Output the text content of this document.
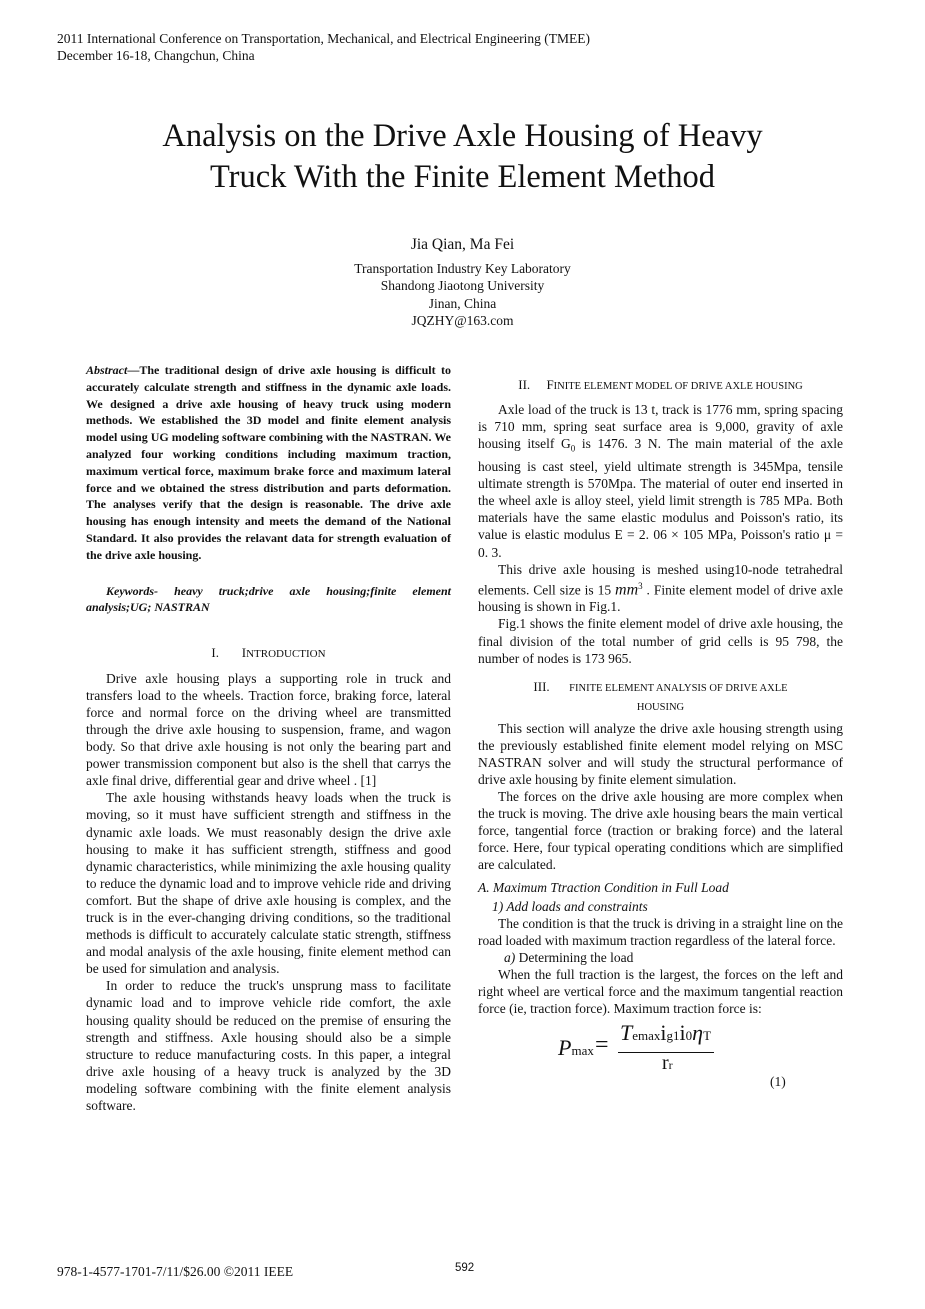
2011 International Conference on Transportation, Mechanical, and Electrical Engineering (TMEE)
December 16-18, Changchun, China
Analysis on the Drive Axle Housing of Heavy
Truck With the Finite Element Method
Jia Qian, Ma Fei
Transportation Industry Key Laboratory
Shandong Jiaotong University
Jinan, China
JQZHY@163.com

Abstract—The traditional design of drive axle housing is difficult to accurately calculate strength and stiffness in the dynamic axle loads. We designed a drive axle housing of heavy truck using modern methods. We established the 3D model and finite element analysis model using UG modeling software combining with the NASTRAN. We analyzed four working conditions including maximum traction, maximum vertical force, maximum brake force and maximum lateral force and we obtained the stress distribution and parts deformation. The analyses verify that the design is reasonable. The drive axle housing has enough intensity and meets the demand of the National Standard. It also provides the relavant data for strength evaluation of the drive axle housing.

Keywords- heavy truck;drive axle housing;finite element analysis;UG; NASTRAN

I. INTRODUCTION

Drive axle housing plays a supporting role in truck and transfers load to the wheels. Traction force, braking force, lateral force and normal force on the driving wheel are transmitted through the drive axle housing to suspension, frame, and wagon body. So that drive axle housing is not only the bearing part and power transmission component but also is the shell that carrys the axle final drive, differential gear and drive wheel . [1]

The axle housing withstands heavy loads when the truck is moving, so it must have sufficient strength and stiffness in the dynamic axle loads. We must reasonably design the drive axle housing to make it has sufficient strength, stiffness and good dynamic characteristics, while minimizing the axle housing quality to reduce the dynamic load and to improve vehicle ride and driving comfort. But the shape of drive axle housing is complex, and the truck is in the ever-changing driving conditions, so the traditional methods is difficult to accurately calculate static strength, stiffness and modal analysis of the axle housing, finite element method can be used for simulation and analysis.

In order to reduce the truck's unsprung mass to facilitate dynamic load and to improve vehicle ride comfort, the axle housing quality should be reduced on the premise of ensuring the strength and stiffness. Axle housing should also be a simple structure to reduce manufacturing costs. In this paper, a integral drive axle housing of a heavy truck is analyzed by the 3D modeling software combining with the finite element analysis software.

II. FINITE ELEMENT MODEL OF DRIVE AXLE HOUSING

Axle load of the truck is 13 t, track is 1776 mm, spring spacing is 710 mm, spring seat surface area is 9,000, gravity of axle housing itself $G_0$ is 1476. 3 N. The main material of the axle housing is cast steel, yield ultimate strength is 345Mpa, tensile ultimate strength is 570Mpa. The material of outer end inserted in the wheel axle is alloy steel, yield limit strength is 785 MPa. Both materials have the same elastic modulus and Poisson's ratio, its value is elastic modulus E = 2. 06 × 105 MPa, Poisson's ratio μ = 0. 3.

This drive axle housing is meshed using10-node tetrahedral elements. Cell size is 15 $mm^3$ . Finite element model of drive axle housing is shown in Fig.1.

Fig.1 shows the finite element model of drive axle housing, the final division of the total number of grid cells is 95 798, the number of nodes is 173 965.

III. FINITE ELEMENT ANALYSIS OF DRIVE AXLE
HOUSING

This section will analyze the drive axle housing strength using the previously established finite element model relying on MSC NASTRAN solver and will study the structural performance of drive axle housing by finite element simulation.

The forces on the drive axle housing are more complex when the truck is moving. The drive axle housing bears the main vertical force, tangential force (traction or braking force) and the lateral force. Here, four typical operating conditions which are simplified are calculated.

A. Maximum Ttraction Condition in Full Load

1) Add loads and constraints

The condition is that the truck is driving in a straight line on the road loaded with maximum traction regardless of the lateral force.

a) Determining the load

When the full traction is the largest, the forces on the left and right wheel are vertical force and the maximum tangential reaction force (ie, traction force). Maximum traction force is:

Pmax = Temaxig1i0ηT
rr
(1)
978-1-4577-1701-7/11/$26.00 ©2011 IEEE	592
